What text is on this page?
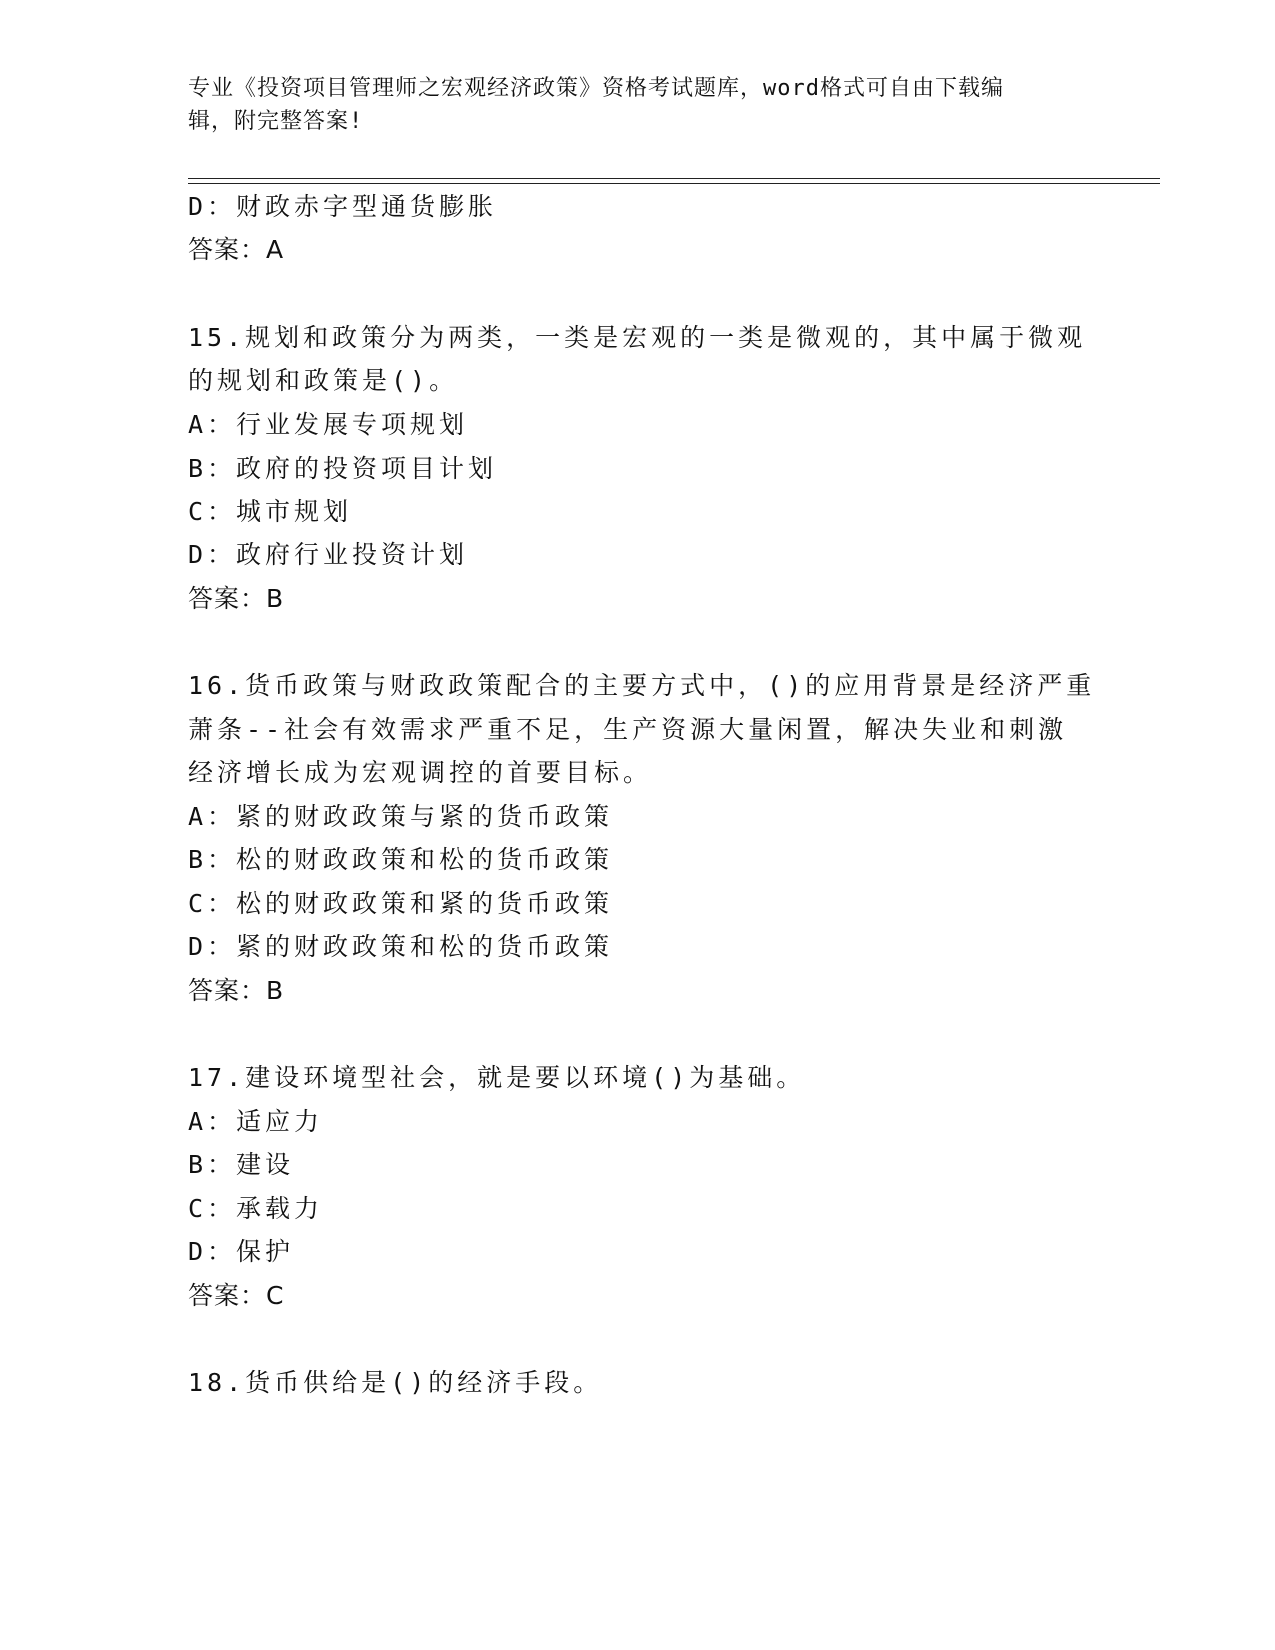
专业《投资项目管理师之宏观经济政策》资格考试题库，word格式可自由下载编
辑，附完整答案!
D：财政赤字型通货膨胀
答案：A
15.规划和政策分为两类，一类是宏观的一类是微观的，其中属于微观
的规划和政策是()。
A：行业发展专项规划
B：政府的投资项目计划
C：城市规划
D：政府行业投资计划
答案：B
16.货币政策与财政政策配合的主要方式中，()的应用背景是经济严重
萧条--社会有效需求严重不足，生产资源大量闲置，解决失业和刺激
经济增长成为宏观调控的首要目标。
A：紧的财政政策与紧的货币政策
B：松的财政政策和松的货币政策
C：松的财政政策和紧的货币政策
D：紧的财政政策和松的货币政策
答案：B
17.建设环境型社会，就是要以环境()为基础。
A：适应力
B：建设
C：承载力
D：保护
答案：C
18.货币供给是()的经济手段。
